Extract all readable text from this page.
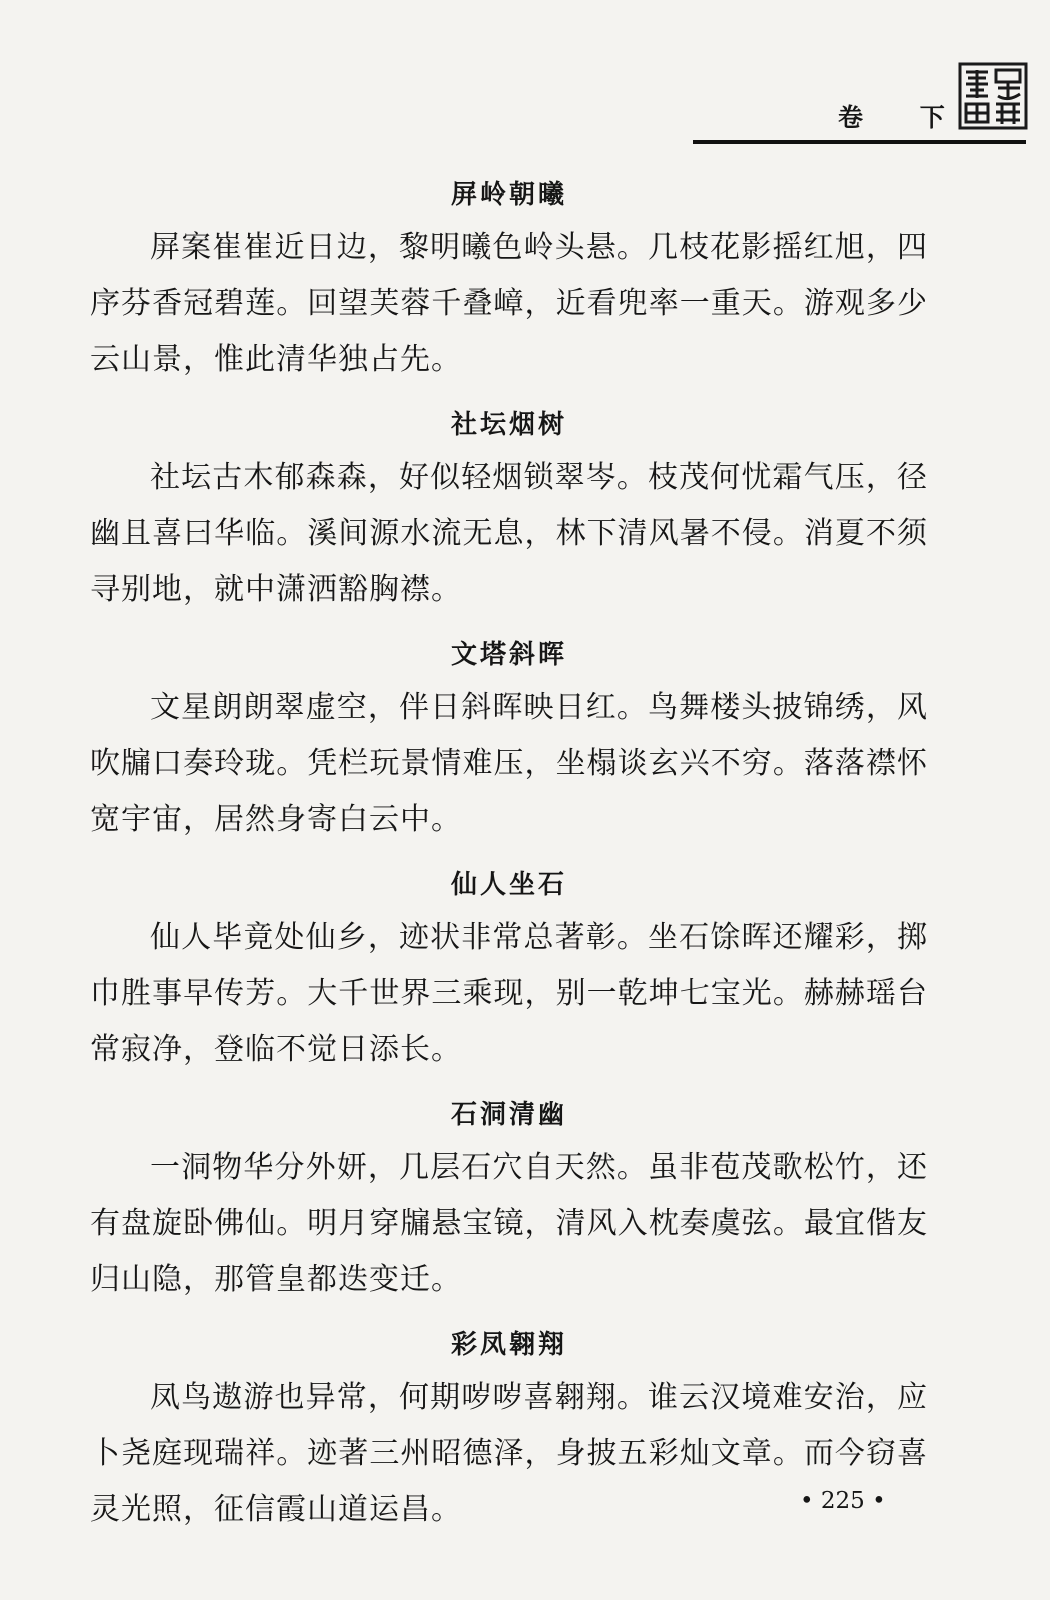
卷 下
屏岭朝曦

屏案崔崔近日边，黎明曦色岭头悬。几枝花影摇红旭，四序芬香冠碧莲。回望芙蓉千叠嶂，近看兜率一重天。游观多少云山景，惟此清华独占先。

社坛烟树

社坛古木郁森森，好似轻烟锁翠岑。枝茂何忧霜气压，径幽且喜曰华临。溪间源水流无息，林下清风暑不侵。消夏不须寻别地，就中潇洒豁胸襟。

文塔斜晖

文星朗朗翠虚空，伴日斜晖映日红。鸟舞楼头披锦绣，风吹牖口奏玲珑。凭栏玩景情难压，坐榻谈玄兴不穷。落落襟怀宽宇宙，居然身寄白云中。

仙人坐石

仙人毕竟处仙乡，迹状非常总著彰。坐石馀晖还耀彩，掷巾胜事早传芳。大千世界三乘现，别一乾坤七宝光。赫赫瑶台常寂净，登临不觉日添长。

石洞清幽

一洞物华分外妍，几层石穴自天然。虽非苞茂歌松竹，还有盘旋卧佛仙。明月穿牖悬宝镜，清风入枕奏虞弦。最宜偕友归山隐，那管皇都迭变迁。

彩凤翱翔

凤鸟遨游也异常，何期哕哕喜翱翔。谁云汉境难安治，应卜尧庭现瑞祥。迹著三州昭德泽，身披五彩灿文章。而今窃喜灵光照，征信霞山道运昌。	• 225 •
